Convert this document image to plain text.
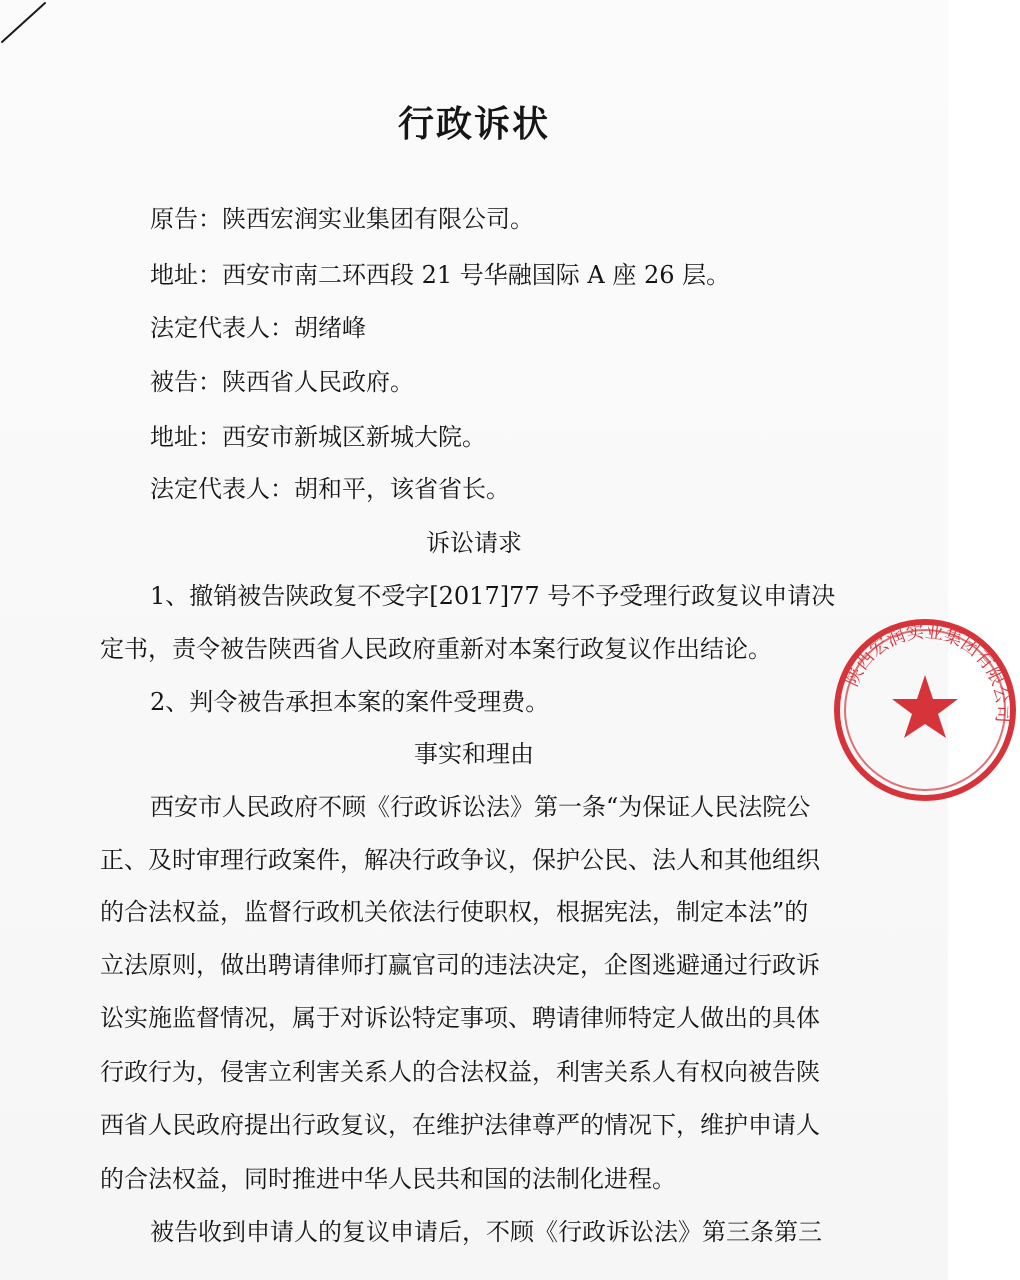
行政诉状
原告：陕西宏润实业集团有限公司。
地址：西安市南二环西段 21 号华融国际 A 座 26 层。
法定代表人：胡绪峰
被告：陕西省人民政府。
地址：西安市新城区新城大院。
法定代表人：胡和平，该省省长。
诉讼请求
1、撤销被告陕政复不受字[2017]77 号不予受理行政复议申请决
定书，责令被告陕西省人民政府重新对本案行政复议作出结论。
2、判令被告承担本案的案件受理费。
事实和理由
西安市人民政府不顾《行政诉讼法》第一条“为保证人民法院公
正、及时审理行政案件，解决行政争议，保护公民、法人和其他组织
的合法权益，监督行政机关依法行使职权，根据宪法，制定本法”的
立法原则，做出聘请律师打赢官司的违法决定，企图逃避通过行政诉
讼实施监督情况，属于对诉讼特定事项、聘请律师特定人做出的具体
行政行为，侵害立利害关系人的合法权益，利害关系人有权向被告陕
西省人民政府提出行政复议，在维护法律尊严的情况下，维护申请人
的合法权益，同时推进中华人民共和国的法制化进程。
被告收到申请人的复议申请后，不顾《行政诉讼法》第三条第三
陕西宏润实业集团有限公司
